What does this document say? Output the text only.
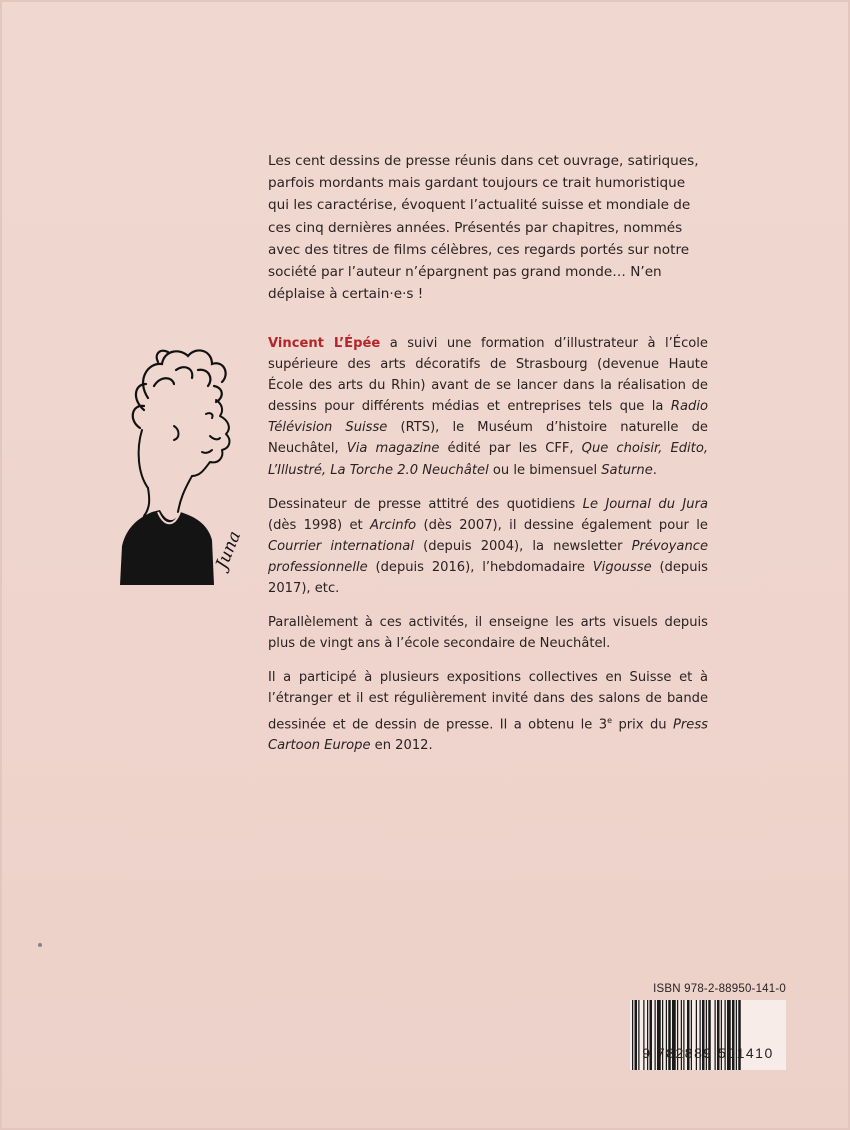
Les cent dessins de presse réunis dans cet ouvrage, satiriques, parfois mordants mais gardant toujours ce trait humoristique qui les caractérise, évoquent l’actualité suisse et mondiale de ces cinq dernières années. Présentés par chapitres, nommés avec des titres de films célèbres, ces regards portés sur notre société par l’auteur n’épargnent pas grand monde… N’en déplaise à certain·e·s !

Juna

Vincent L’Épée a suivi une formation d’illustrateur à l’École supérieure des arts décoratifs de Strasbourg (devenue Haute École des arts du Rhin) avant de se lancer dans la réalisation de dessins pour différents médias et entreprises tels que la Radio Télévision Suisse (RTS), le Muséum d’histoire naturelle de Neuchâtel, Via magazine édité par les CFF, Que choisir, Edito, L’Illustré, La Torche 2.0 Neuchâtel ou le bimensuel Saturne.

Dessinateur de presse attitré des quotidiens Le Journal du Jura (dès 1998) et Arcinfo (dès 2007), il dessine également pour le Courrier international (depuis 2004), la newsletter Prévoyance professionnelle (depuis 2016), l’hebdomadaire Vigousse (depuis 2017), etc.

Parallèlement à ces activités, il enseigne les arts visuels depuis plus de vingt ans à l’école secondaire de Neuchâtel.

Il a participé à plusieurs expositions collectives en Suisse et à l’étranger et il est régulièrement invité dans des salons de bande dessinée et de dessin de presse. Il a obtenu le 3e prix du Press Cartoon Europe en 2012.

ISBN 978-2-88950-141-0
9 782889 501410
